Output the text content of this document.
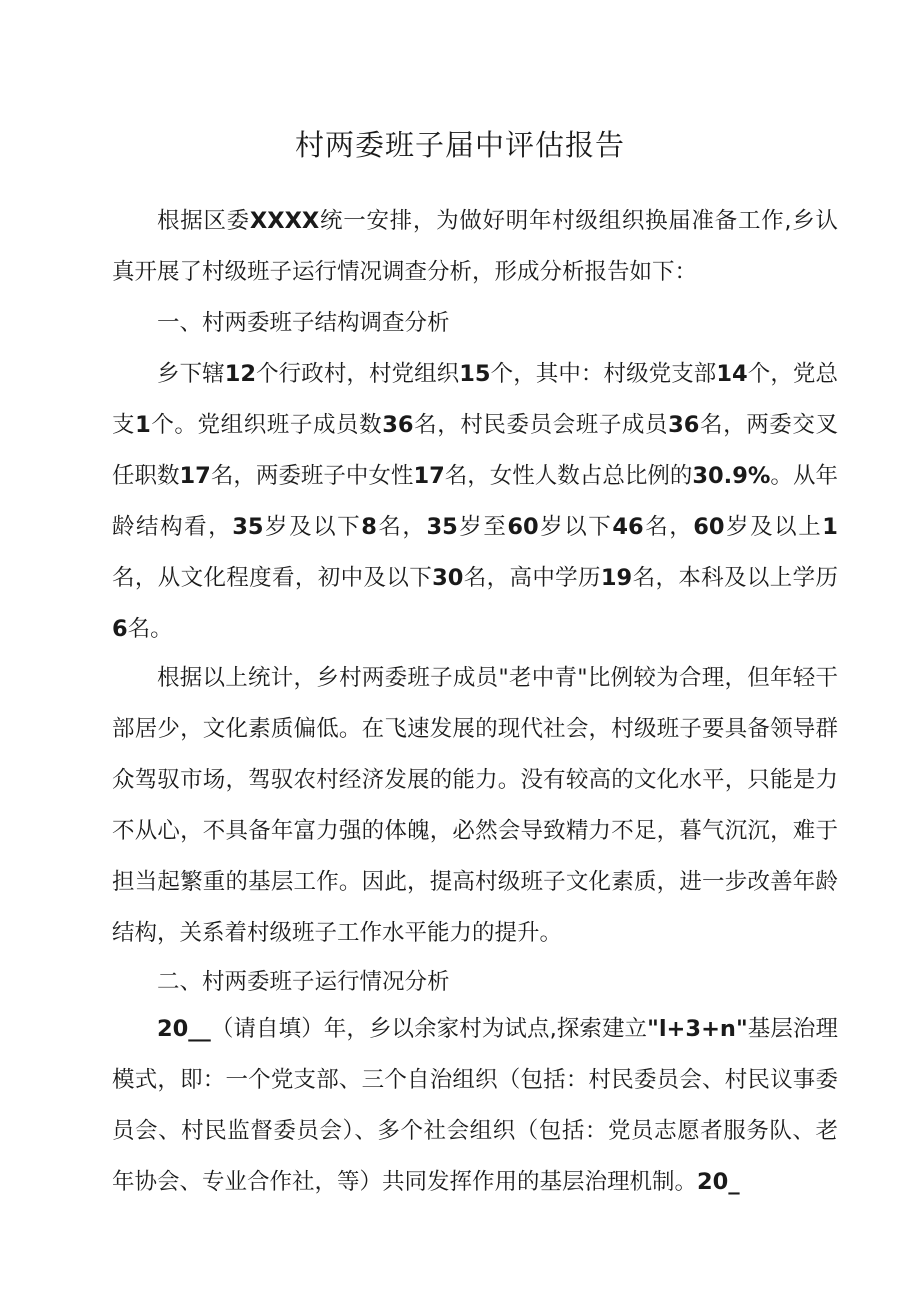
村两委班子届中评估报告

根据区委XXXX统一安排，为做好明年村级组织换届准备工作,乡认真开展了村级班子运行情况调查分析，形成分析报告如下：

一、村两委班子结构调查分析

乡下辖12个行政村，村党组织15个，其中：村级党支部14个，党总支1个。党组织班子成员数36名，村民委员会班子成员36名，两委交叉任职数17名，两委班子中女性17名，女性人数占总比例的30.9%。从年龄结构看，35岁及以下8名，35岁至60岁以下46名，60岁及以上1名，从文化程度看，初中及以下30名，高中学历19名，本科及以上学历6名。

根据以上统计，乡村两委班子成员"老中青"比例较为合理，但年轻干部居少，文化素质偏低。在飞速发展的现代社会，村级班子要具备领导群众驾驭市场，驾驭农村经济发展的能力。没有较高的文化水平，只能是力不从心，不具备年富力强的体魄，必然会导致精力不足，暮气沉沉，难于担当起繁重的基层工作。因此，提高村级班子文化素质，进一步改善年龄结构，关系着村级班子工作水平能力的提升。

二、村两委班子运行情况分析

20__（请自填）年，乡以余家村为试点,探索建立"l+3+n"基层治理模式，即：一个党支部、三个自治组织（包括：村民委员会、村民议事委员会、村民监督委员会）、多个社会组织（包括：党员志愿者服务队、老年协会、专业合作社，等）共同发挥作用的基层治理机制。20_
